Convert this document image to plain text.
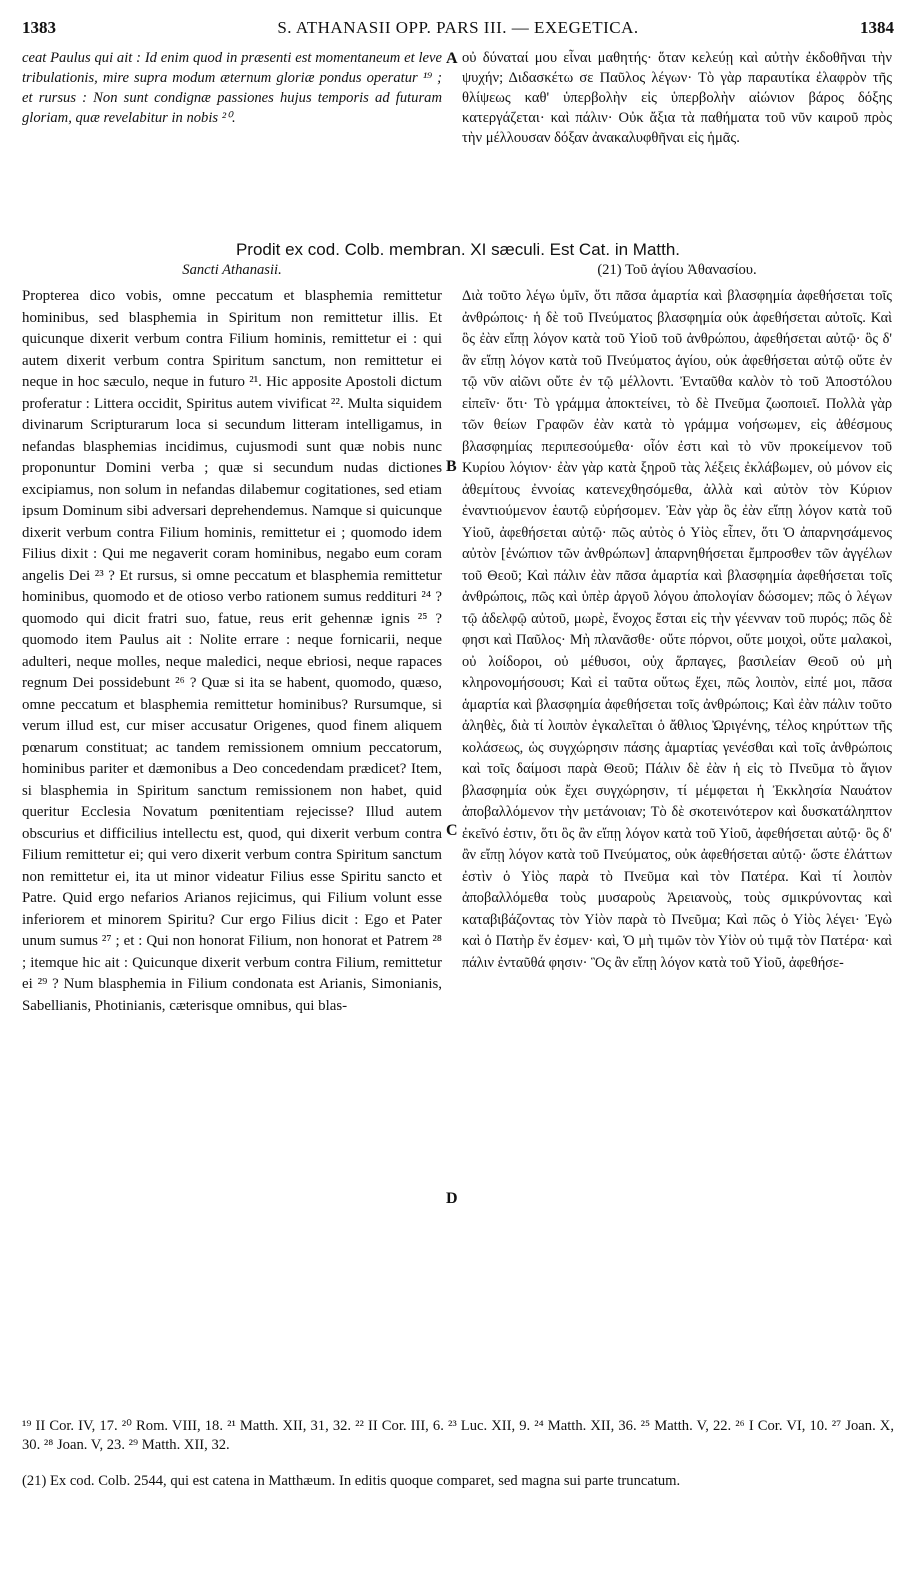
1383	S. ATHANASII OPP. PARS III. — EXEGETICA.	1384

ceat Paulus qui ait : Id enim quod in præsenti est momentaneum et leve tribulationis, mire supra modum æternum gloriæ pondus operatur ¹⁹ ; et rursus : Non sunt condignæ passiones hujus temporis ad futuram gloriam, quæ revelabitur in nobis ²⁰.

οὐ δύναταί μου εἶναι μαθητής· ὅταν κελεύῃ καὶ αὐτὴν ἐκδοθῆναι τὴν ψυχήν; Διδασκέτω σε Παῦλος λέγων· Τὸ γὰρ παραυτίκα ἐλαφρὸν τῆς θλίψεως καθ' ὑπερβολὴν εἰς ὑπερβολὴν αἰώνιον βάρος δόξης κατεργάζεται· καὶ πάλιν· Οὐκ ἄξια τὰ παθήματα τοῦ νῦν καιροῦ πρὸς τὴν μέλλουσαν δόξαν ἀνακαλυφθῆναι εἰς ἡμᾶς.

A
Prodit ex cod. Colb. membran. XI sæculi. Est Cat. in Matth.
Sancti Athanasii.	(21) Τοῦ ἁγίου Ἀθανασίου.

Propterea dico vobis, omne peccatum et blasphemia remittetur hominibus, sed blasphemia in Spiritum non remittetur illis. Et quicunque dixerit verbum contra Filium hominis, remittetur ei : qui autem dixerit verbum contra Spiritum sanctum, non remittetur ei neque in hoc sæculo, neque in futuro ²¹. Hic apposite Apostoli dictum proferatur : Littera occidit, Spiritus autem vivificat ²². Multa siquidem divinarum Scripturarum loca si secundum litteram intelligamus, in nefandas blasphemias incidimus, cujusmodi sunt quæ nobis nunc proponuntur Domini verba ; quæ si secundum nudas dictiones excipiamus, non solum in nefandas dilabemur cogitationes, sed etiam ipsum Dominum sibi adversari deprehendemus. Namque si quicunque dixerit verbum contra Filium hominis, remittetur ei ; quomodo idem Filius dixit : Qui me negaverit coram hominibus, negabo eum coram angelis Dei ²³ ? Et rursus, si omne peccatum et blasphemia remittetur hominibus, quomodo et de otioso verbo rationem sumus reddituri ²⁴ ? quomodo qui dicit fratri suo, fatue, reus erit gehennæ ignis ²⁵ ? quomodo item Paulus ait : Nolite errare : neque fornicarii, neque adulteri, neque molles, neque maledici, neque ebriosi, neque rapaces regnum Dei possidebunt ²⁶ ? Quæ si ita se habent, quomodo, quæso, omne peccatum et blasphemia remittetur hominibus? Rursumque, si verum illud est, cur miser accusatur Origenes, quod finem aliquem pœnarum constituat; ac tandem remissionem omnium peccatorum, hominibus pariter et dæmonibus a Deo concedendam prædicet? Item, si blasphemia in Spiritum sanctum remissionem non habet, quid queritur Ecclesia Novatum pœnitentiam rejecisse? Illud autem obscurius et difficilius intellectu est, quod, qui dixerit verbum contra Filium remittetur ei; qui vero dixerit verbum contra Spiritum sanctum non remittetur ei, ita ut minor videatur Filius esse Spiritu sancto et Patre. Quid ergo nefarios Arianos rejicimus, qui Filium volunt esse inferiorem et minorem Spiritu? Cur ergo Filius dicit : Ego et Pater unum sumus ²⁷ ; et : Qui non honorat Filium, non honorat et Patrem ²⁸ ; itemque hic ait : Quicunque dixerit verbum contra Filium, remittetur ei ²⁹ ? Num blasphemia in Filium condonata est Arianis, Simonianis, Sabellianis, Photinianis, cæterisque omnibus, qui blas-

Διὰ τοῦτο λέγω ὑμῖν, ὅτι πᾶσα ἁμαρτία καὶ βλασφημία ἀφεθήσεται τοῖς ἀνθρώποις· ἡ δὲ τοῦ Πνεύματος βλασφημία οὐκ ἀφεθήσεται αὐτοῖς. Καὶ ὃς ἐὰν εἴπῃ λόγον κατὰ τοῦ Υἱοῦ τοῦ ἀνθρώπου, ἀφεθήσεται αὐτῷ· ὃς δ' ἂν εἴπῃ λόγον κατὰ τοῦ Πνεύματος ἁγίου, οὐκ ἀφεθήσεται αὐτῷ οὔτε ἐν τῷ νῦν αἰῶνι οὔτε ἐν τῷ μέλλοντι. Ἐνταῦθα καλὸν τὸ τοῦ Ἀποστόλου εἰπεῖν· ὅτι· Τὸ γράμμα ἀποκτείνει, τὸ δὲ Πνεῦμα ζωοποιεῖ. Πολλὰ γὰρ τῶν θείων Γραφῶν ἐὰν κατὰ τὸ γράμμα νοήσωμεν, εἰς ἀθέσμους βλασφημίας περιπεσούμεθα· οἷόν ἐστι καὶ τὸ νῦν προκείμενον τοῦ Κυρίου λόγιον· ἐὰν γὰρ κατὰ ξηροῦ τὰς λέξεις ἐκλάβωμεν, οὐ μόνον εἰς ἀθεμίτους ἐννοίας κατενεχθησόμεθα, ἀλλὰ καὶ αὐτὸν τὸν Κύριον ἐναντιούμενον ἑαυτῷ εὑρήσομεν. Ἐὰν γὰρ ὃς ἐὰν εἴπῃ λόγον κατὰ τοῦ Υἱοῦ, ἀφεθήσεται αὐτῷ· πῶς αὐτὸς ὁ Υἱὸς εἶπεν, ὅτι Ὁ ἀπαρνησάμενος αὐτὸν [ἐνώπιον τῶν ἀνθρώπων] ἀπαρνηθήσεται ἔμπροσθεν τῶν ἀγγέλων τοῦ Θεοῦ; Καὶ πάλιν ἐὰν πᾶσα ἁμαρτία καὶ βλασφημία ἀφεθήσεται τοῖς ἀνθρώποις, πῶς καὶ ὑπὲρ ἀργοῦ λόγου ἀπολογίαν δώσομεν; πῶς ὁ λέγων τῷ ἀδελφῷ αὐτοῦ, μωρὲ, ἔνοχος ἔσται εἰς τὴν γέενναν τοῦ πυρός; πῶς δὲ φησι καὶ Παῦλος· Μὴ πλανᾶσθε· οὔτε πόρνοι, οὔτε μοιχοὶ, οὔτε μαλακοὶ, οὐ λοίδοροι, οὐ μέθυσοι, οὐχ ἅρπαγες, βασιλείαν Θεοῦ οὐ μὴ κληρονομήσουσι; Καὶ εἰ ταῦτα οὕτως ἔχει, πῶς λοιπὸν, εἰπέ μοι, πᾶσα ἁμαρτία καὶ βλασφημία ἀφεθήσεται τοῖς ἀνθρώποις; Καὶ ἐὰν πάλιν τοῦτο ἀληθὲς, διὰ τί λοιπὸν ἐγκαλεῖται ὁ ἄθλιος Ὠριγένης, τέλος κηρύττων τῆς κολάσεως, ὡς συγχώρησιν πάσης ἁμαρτίας γενέσθαι καὶ τοῖς ἀνθρώποις καὶ τοῖς δαίμοσι παρὰ Θεοῦ; Πάλιν δὲ ἐὰν ἡ εἰς τὸ Πνεῦμα τὸ ἅγιον βλασφημία οὐκ ἔχει συγχώρησιν, τί μέμφεται ἡ Ἐκκλησία Ναυάτον ἀποβαλλόμενον τὴν μετάνοιαν; Τὸ δὲ σκοτεινότερον καὶ δυσκατάληπτον ἐκεῖνό ἐστιν, ὅτι ὃς ἂν εἴπῃ λόγον κατὰ τοῦ Υἱοῦ, ἀφεθήσεται αὐτῷ· ὃς δ' ἂν εἴπῃ λόγον κατὰ τοῦ Πνεύματος, οὐκ ἀφεθήσεται αὐτῷ· ὥστε ἐλάττων ἐστὶν ὁ Υἱὸς παρὰ τὸ Πνεῦμα καὶ τὸν Πατέρα. Καὶ τί λοιπὸν ἀποβαλλόμεθα τοὺς μυσαροὺς Ἀρειανοὺς, τοὺς σμικρύνοντας καὶ καταβιβάζοντας τὸν Υἱὸν παρὰ τὸ Πνεῦμα; Καὶ πῶς ὁ Υἱὸς λέγει· Ἐγὼ καὶ ὁ Πατὴρ ἕν ἐσμεν· καὶ, Ὁ μὴ τιμῶν τὸν Υἱὸν οὐ τιμᾷ τὸν Πατέρα· καὶ πάλιν ἐνταῦθά φησιν· Ὃς ἂν εἴπῃ λόγον κατὰ τοῦ Υἱοῦ, ἀφεθήσε-

B
C
D
¹⁹ II Cor. IV, 17. ²⁰ Rom. VIII, 18. ²¹ Matth. XII, 31, 32. ²² II Cor. III, 6. ²³ Luc. XII, 9. ²⁴ Matth. XII, 36. ²⁵ Matth. V, 22. ²⁶ I Cor. VI, 10. ²⁷ Joan. X, 30. ²⁸ Joan. V, 23. ²⁹ Matth. XII, 32.
(21) Ex cod. Colb. 2544, qui est catena in Matthæum. In editis quoque comparet, sed magna sui parte truncatum.
